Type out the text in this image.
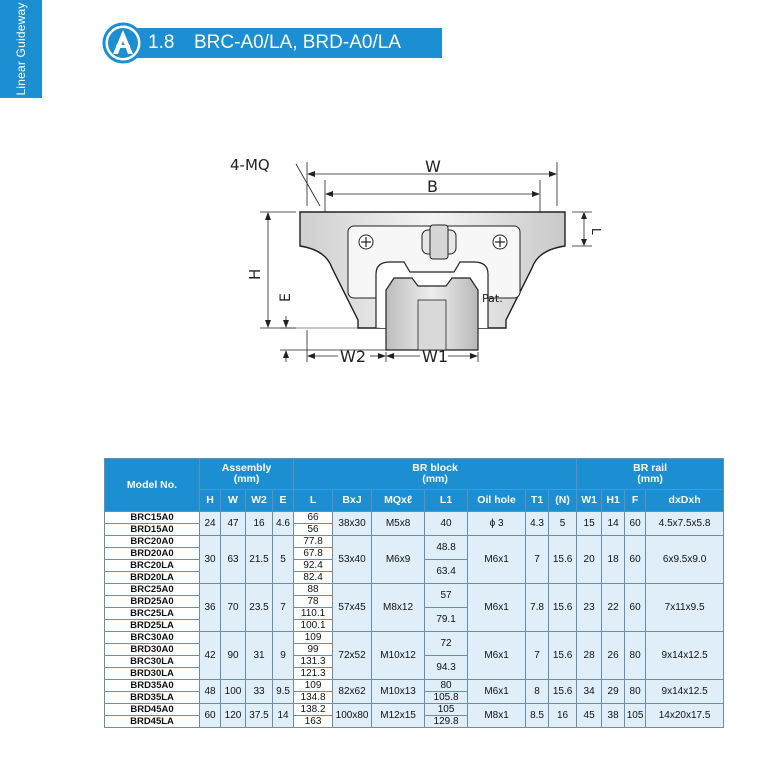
Linear Guideway	1.8 BRC-A0/LA, BRD-A0/LA
Pat.
4-MQ	W
B
H
E
L
W2	W1
Model No.	Assembly
(mm)				BR block
(mm)							BR rail
(mm)			

	H	W	W2	E	L	BxJ	MQxℓ	L1	Oil hole	T1	(N)	W1	H1	F	dxDxh
BRC15A0	24	47	16	4.6	66	38x30	M5x8	40	ϕ 3	4.3	5	15	14	60	4.5x7.5x5.8
BRD15A0					56										
BRC20A0	30	63	21.5	5	77.8	53x40	M6x9	48.8	M6x1	7	15.6	20	18	60	6x9.5x9.0
BRD20A0					67.8										
BRC20LA					92.4			63.4							
BRD20LA					82.4										
BRC25A0	36	70	23.5	7	88	57x45	M8x12	57	M6x1	7.8	15.6	23	22	60	7x11x9.5
BRD25A0					78										
BRC25LA					110.1			79.1							
BRD25LA					100.1										
BRC30A0	42	90	31	9	109	72x52	M10x12	72	M6x1	7	15.6	28	26	80	9x14x12.5
BRD30A0					99										
BRC30LA					131.3			94.3							
BRD30LA					121.3										
BRD35A0	48	100	33	9.5	109	82x62	M10x13	80	M6x1	8	15.6	34	29	80	9x14x12.5
BRD35LA					134.8			105.8							
BRD45A0	60	120	37.5	14	138.2	100x80	M12x15	105	M8x1	8.5	16	45	38	105	14x20x17.5
BRD45LA					163			129.8							
